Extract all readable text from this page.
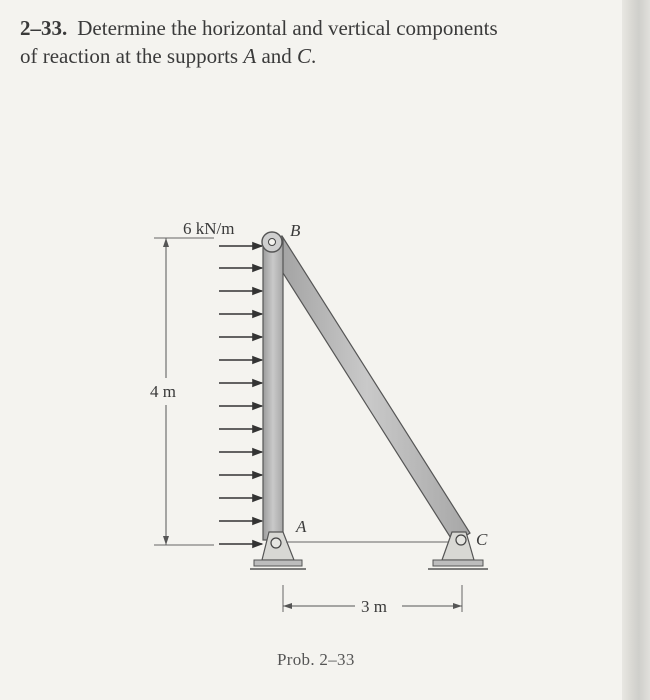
2–33. Determine the horizontal and vertical components
of reaction at the supports A and C.
6 kN/m	B
A
C
4 m
3 m
Prob. 2–33
